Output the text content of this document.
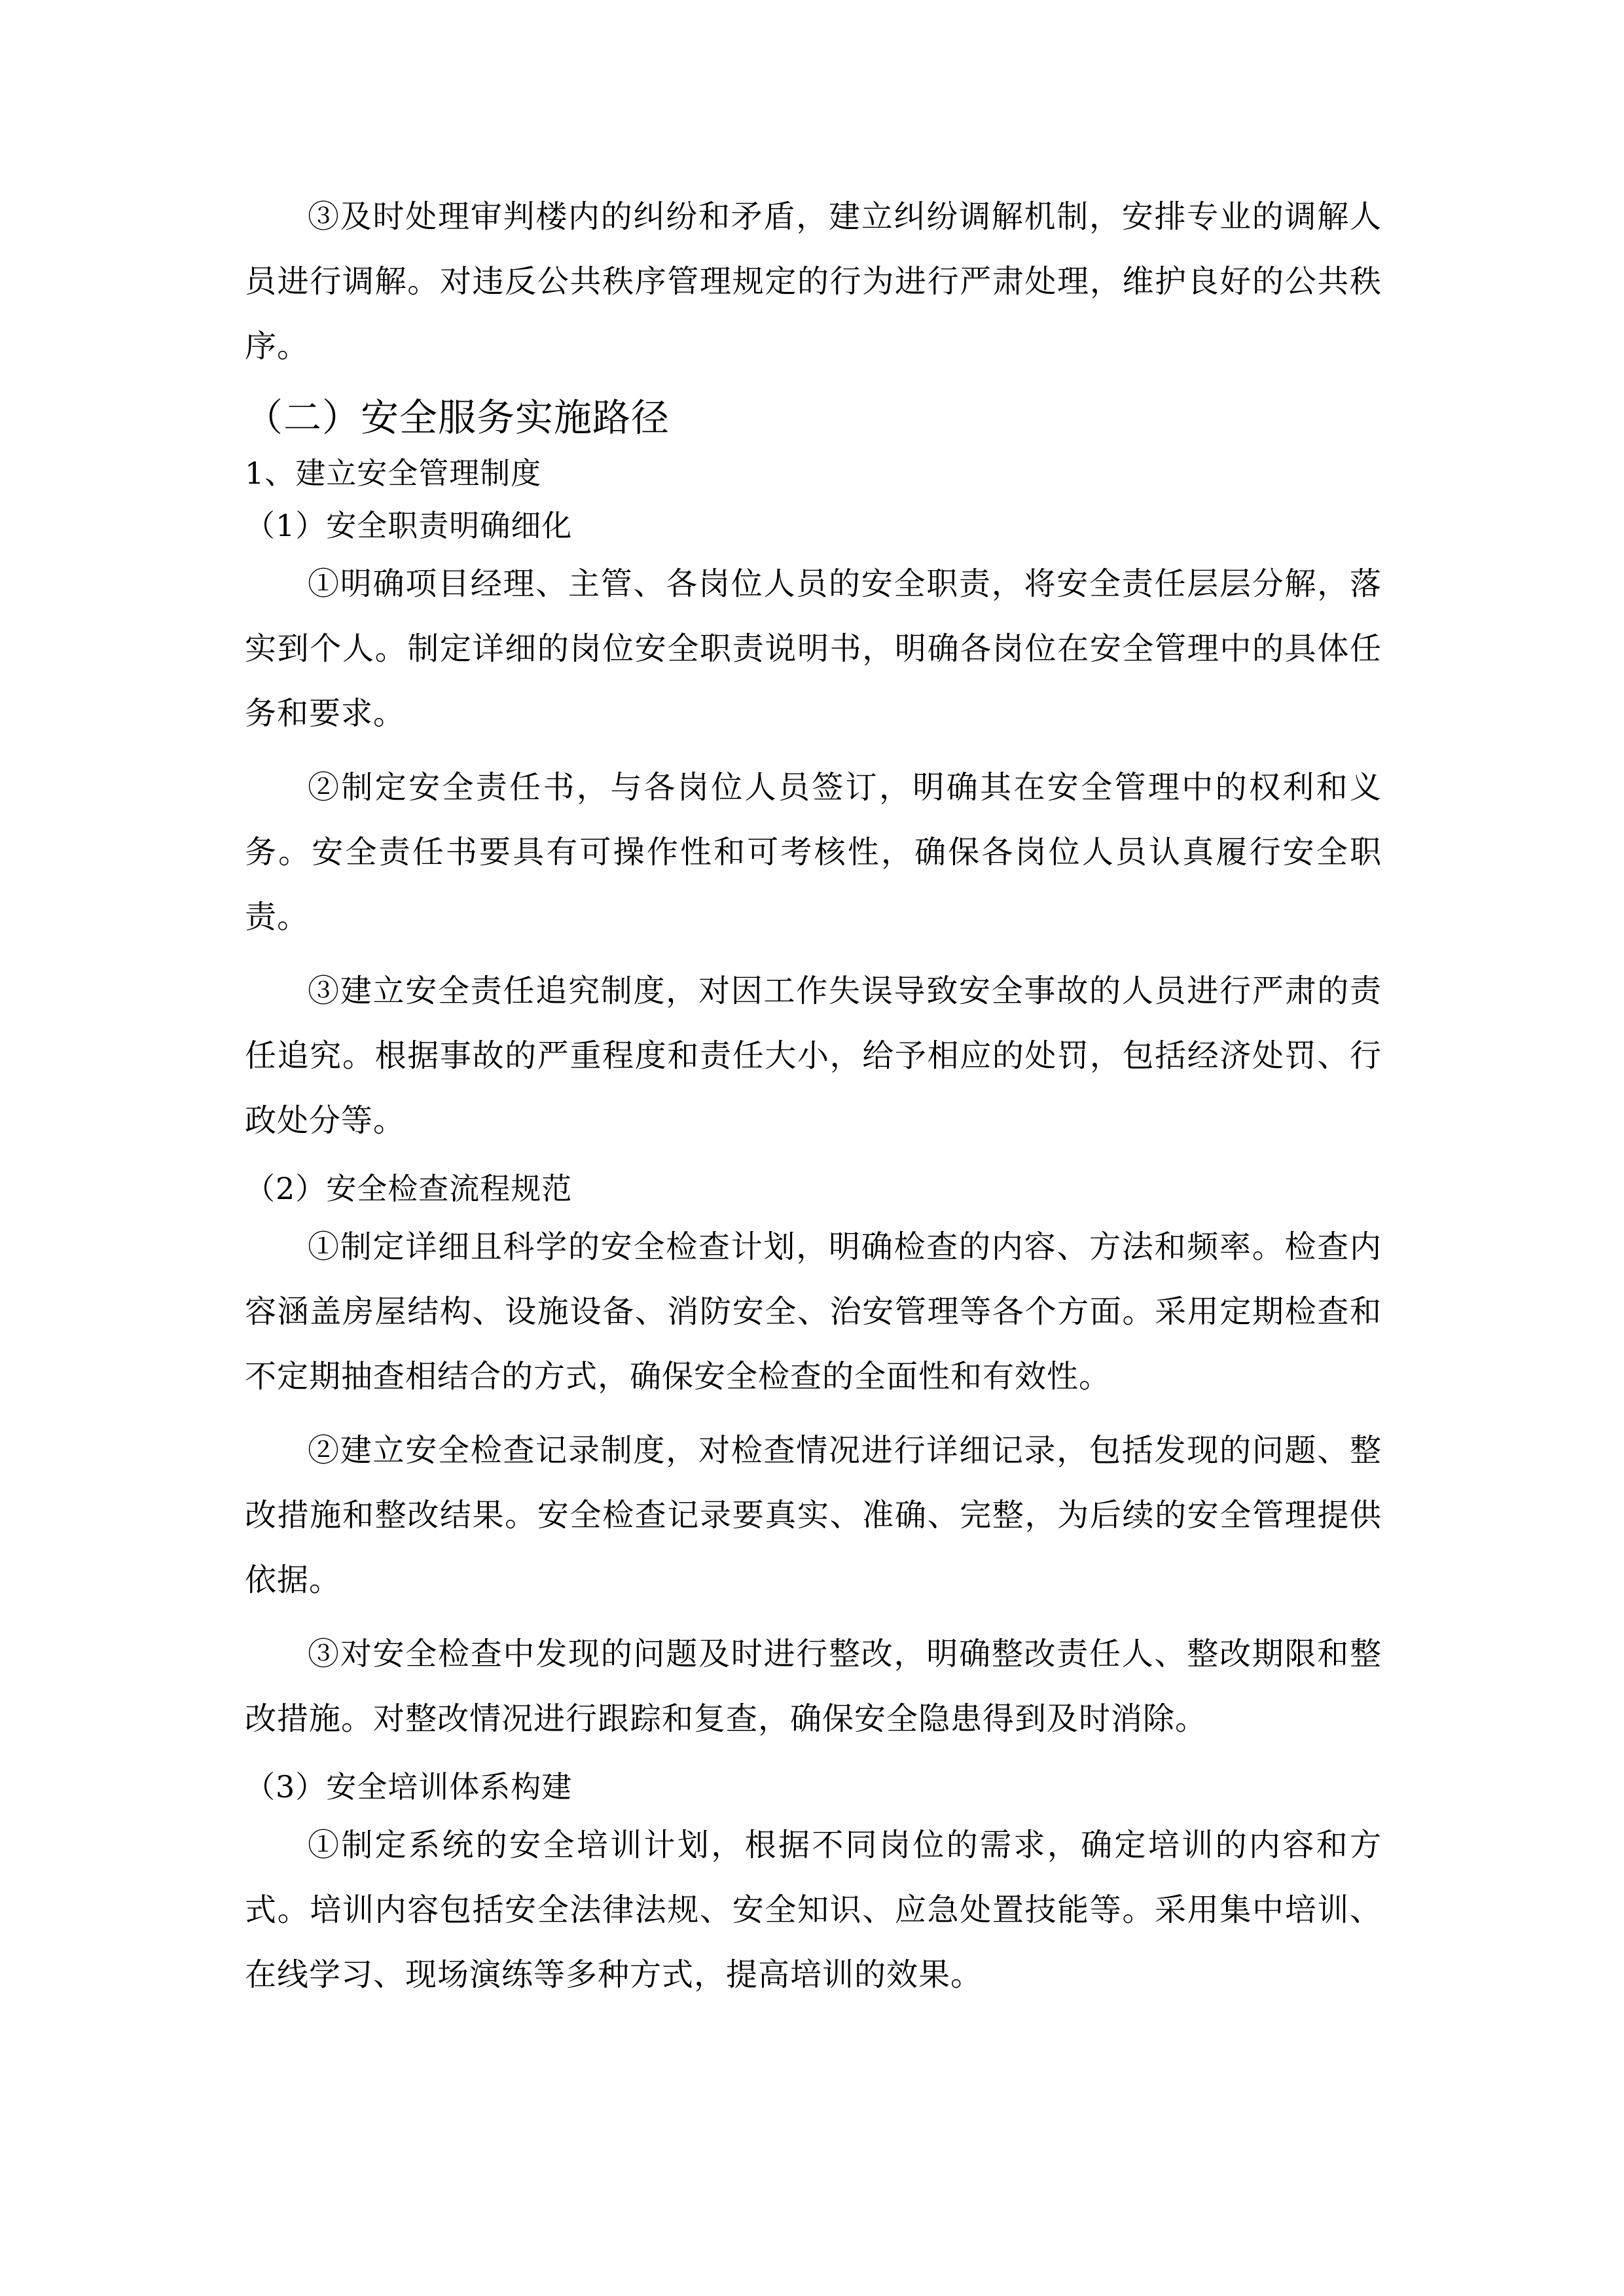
③及时处理审判楼内的纠纷和矛盾，建立纠纷调解机制，安排专业的调解人员进行调解。对违反公共秩序管理规定的行为进行严肃处理，维护良好的公共秩序。

（二）安全服务实施路径
1、建立安全管理制度
（1）安全职责明确细化

①明确项目经理、主管、各岗位人员的安全职责，将安全责任层层分解，落实到个人。制定详细的岗位安全职责说明书，明确各岗位在安全管理中的具体任务和要求。

②制定安全责任书，与各岗位人员签订，明确其在安全管理中的权利和义务。安全责任书要具有可操作性和可考核性，确保各岗位人员认真履行安全职责。

③建立安全责任追究制度，对因工作失误导致安全事故的人员进行严肃的责任追究。根据事故的严重程度和责任大小，给予相应的处罚，包括经济处罚、行政处分等。

（2）安全检查流程规范

①制定详细且科学的安全检查计划，明确检查的内容、方法和频率。检查内容涵盖房屋结构、设施设备、消防安全、治安管理等各个方面。采用定期检查和不定期抽查相结合的方式，确保安全检查的全面性和有效性。

②建立安全检查记录制度，对检查情况进行详细记录，包括发现的问题、整改措施和整改结果。安全检查记录要真实、准确、完整，为后续的安全管理提供依据。

③对安全检查中发现的问题及时进行整改，明确整改责任人、整改期限和整改措施。对整改情况进行跟踪和复查，确保安全隐患得到及时消除。

（3）安全培训体系构建

①制定系统的安全培训计划，根据不同岗位的需求，确定培训的内容和方式。培训内容包括安全法律法规、安全知识、应急处置技能等。采用集中培训、在线学习、现场演练等多种方式，提高培训的效果。
